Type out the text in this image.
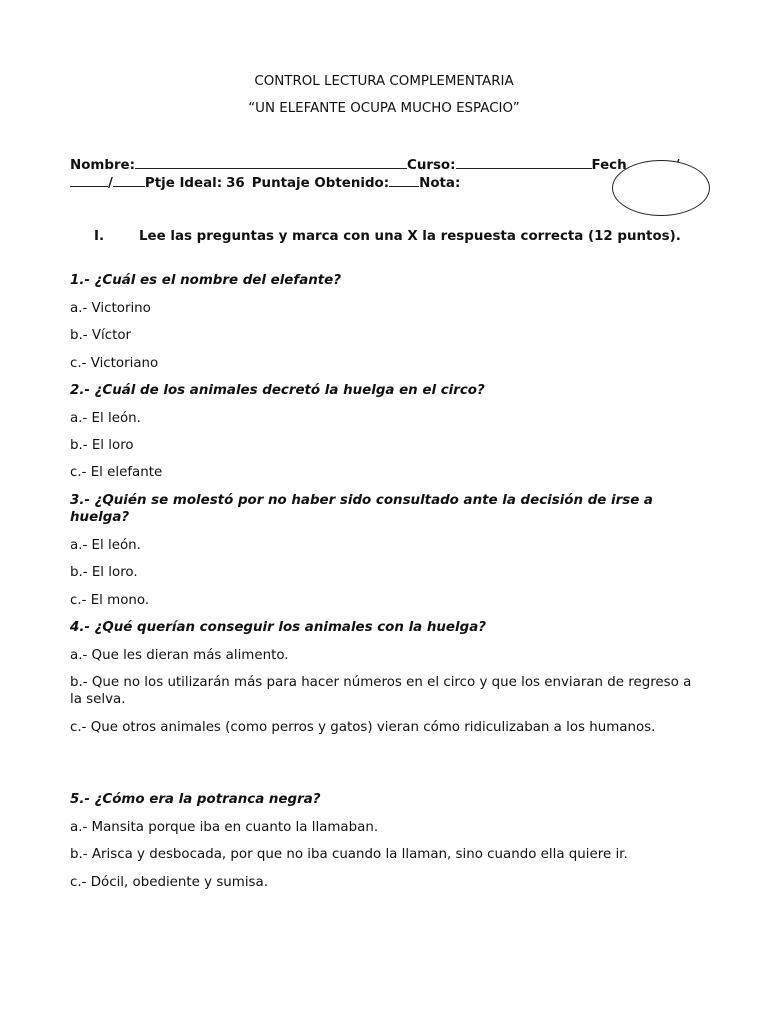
CONTROL LECTURA COMPLEMENTARIA
“UN ELEFANTE OCUPA MUCHO ESPACIO”
Nombre:	Curso:	Fech
/ Ptje Ideal: 36 Puntaje Obtenido: Nota:
I.	Lee las preguntas y marca con una X la respuesta correcta (12 puntos).
1.- ¿Cuál es el nombre del elefante?
a.- Victorino
b.- Víctor
c.- Victoriano
2.- ¿Cuál de los animales decretó la huelga en el circo?
a.- El león.
b.- El loro
c.- El elefante
3.- ¿Quién se molestó por no haber sido consultado ante la decisión de irse a huelga?
a.- El león.
b.- El loro.
c.- El mono.
4.- ¿Qué querían conseguir los animales con la huelga?
a.- Que les dieran más alimento.
b.- Que no los utilizarán más para hacer números en el circo y que los enviaran de regreso a la selva.
c.- Que otros animales (como perros y gatos) vieran cómo ridiculizaban a los humanos.
5.- ¿Cómo era la potranca negra?
a.- Mansita porque iba en cuanto la llamaban.
b.- Arisca y desbocada, por que no iba cuando la llaman, sino cuando ella quiere ir.
c.- Dócil, obediente y sumisa.
